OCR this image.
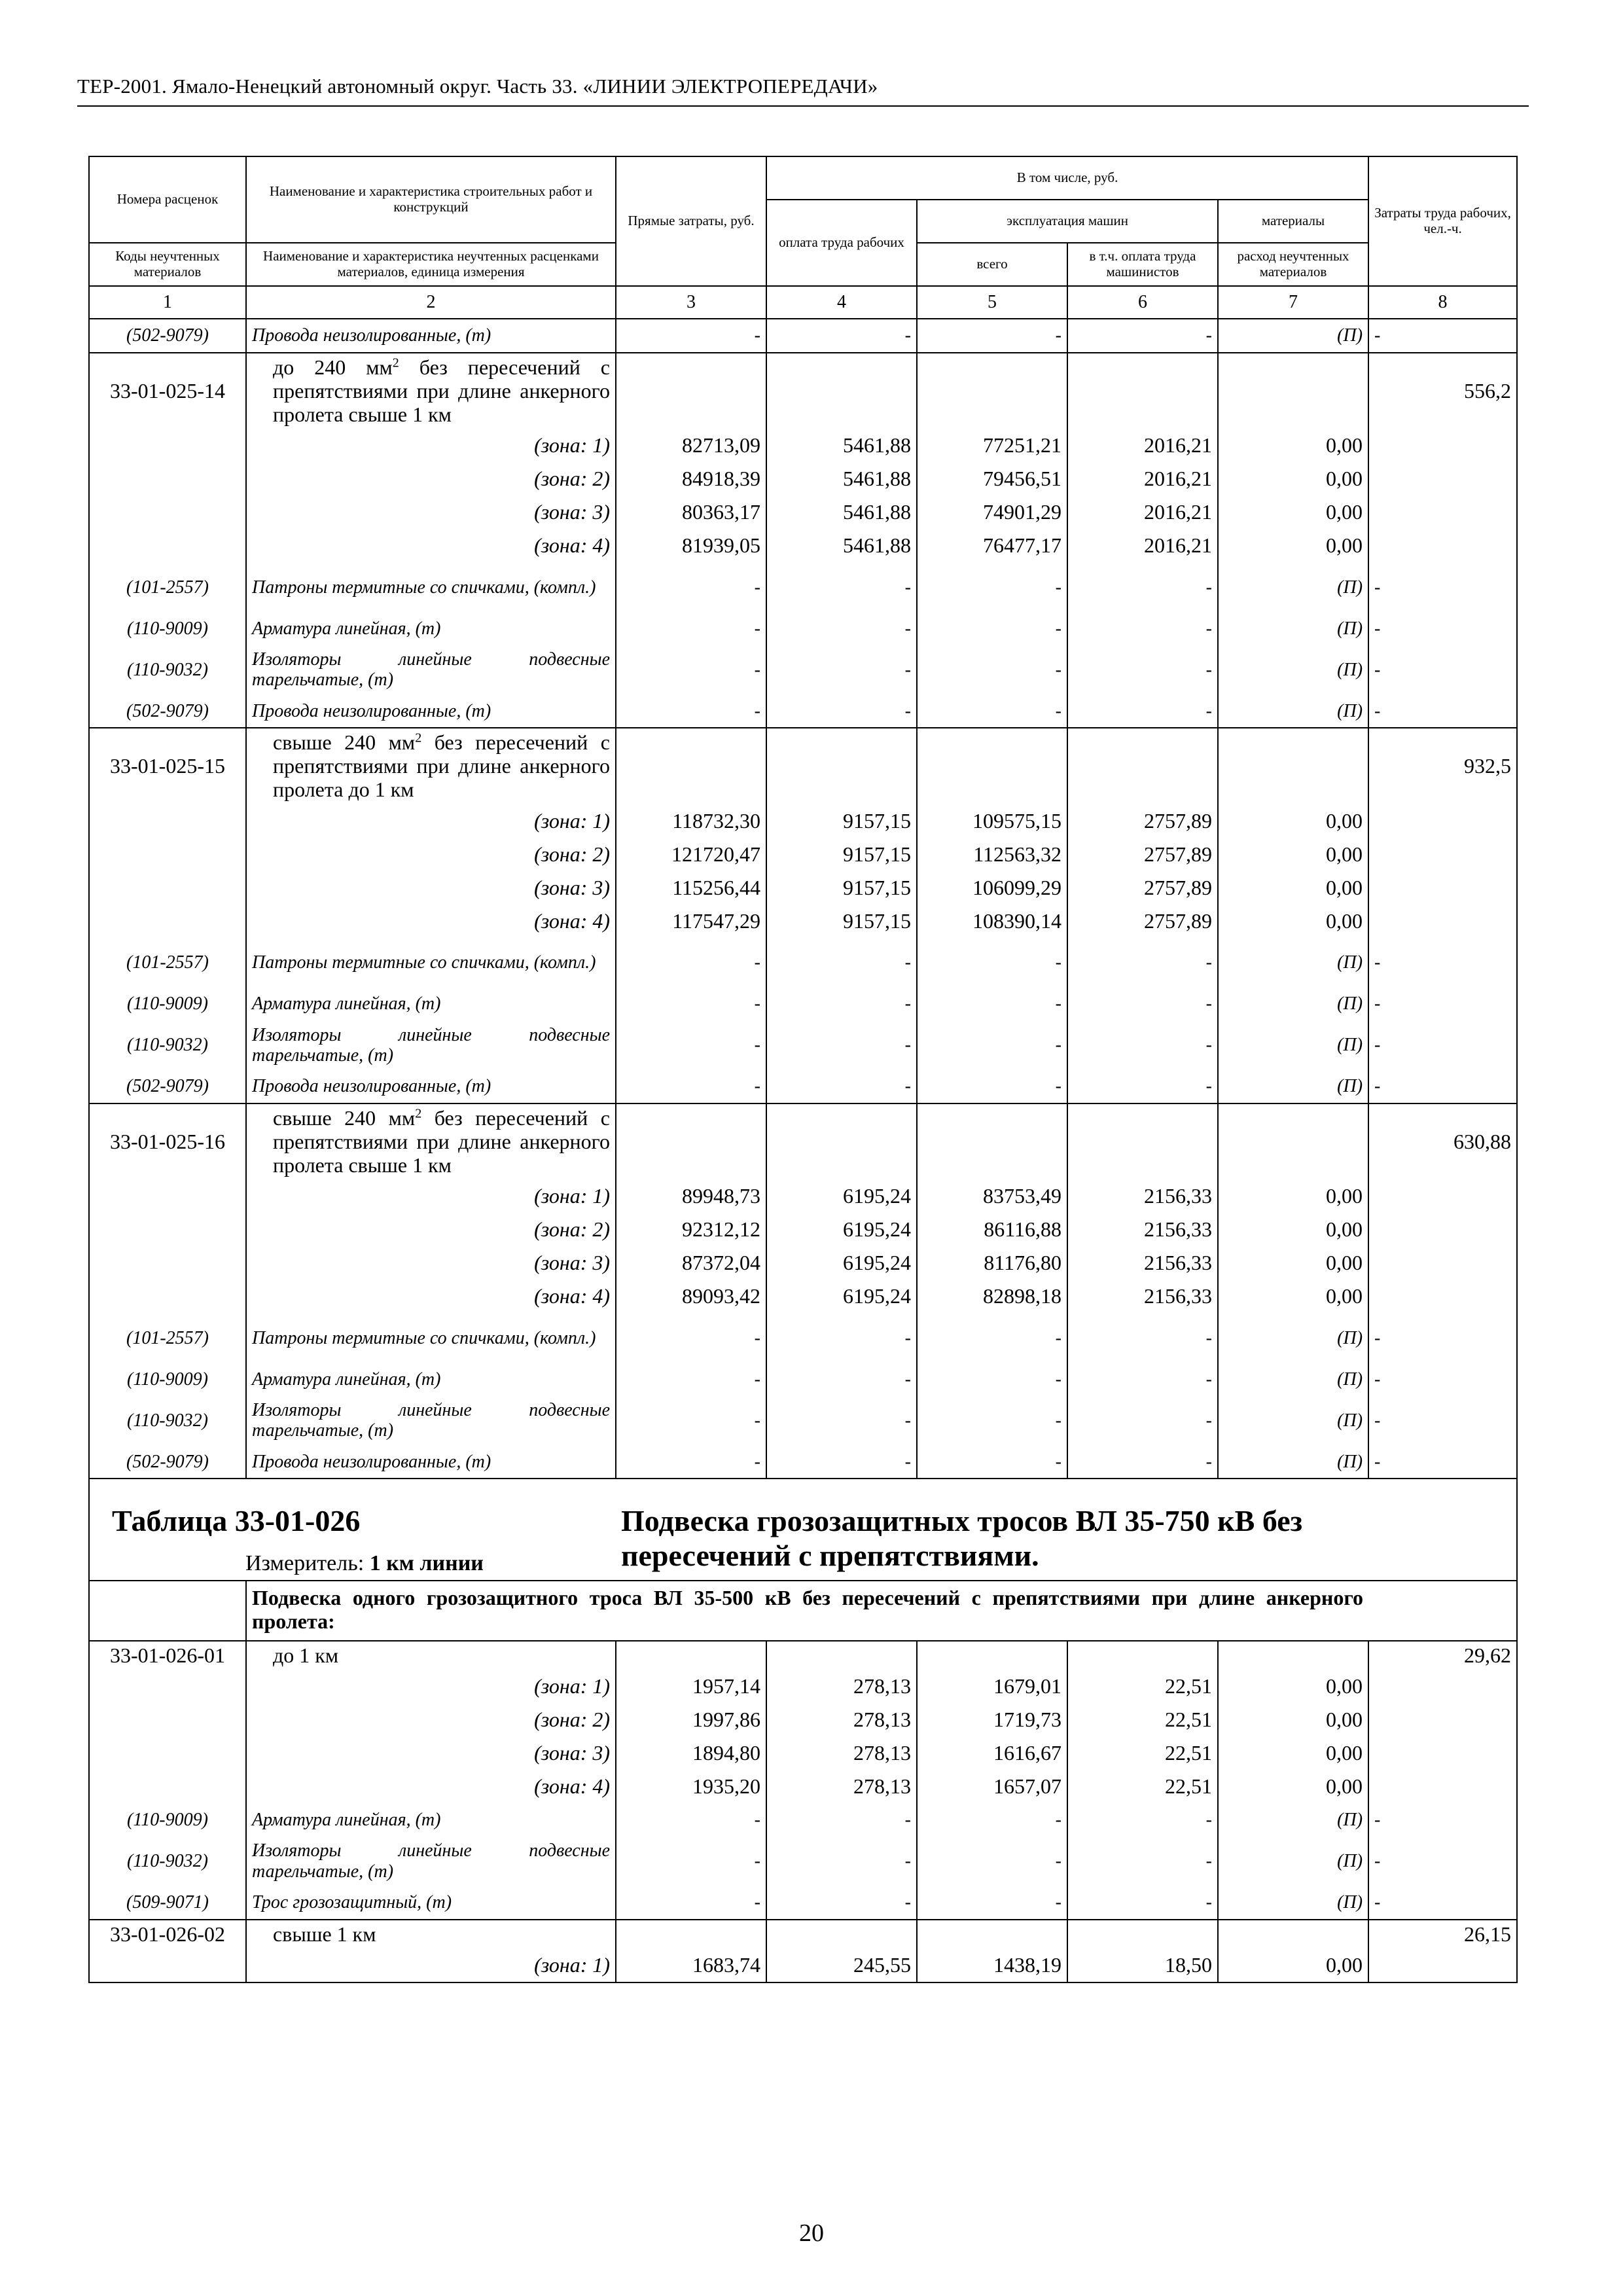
ТЕР-2001. Ямало-Ненецкий автономный округ. Часть 33. «ЛИНИИ ЭЛЕКТРОПЕРЕДАЧИ»
Номера расценок	Наименование и характеристика строительных работ и конструкций	Прямые затраты, руб.	В том числе, руб.				Затраты труда рабочих, чел.-ч.
			оплата труда рабочих	эксплуатация машин		материалы	
Коды неучтенных материалов	Наименование и характеристика неучтенных расценками материалов, единица измерения			всего	в т.ч. оплата труда машинистов	расход неучтенных материалов	
1	2	3	4	5	6	7	8
(502-9079)	Провода неизолированные, (т)	-	-	-	-	(П)	-
33-01-025-14	до 240 $мм^2$ без пересечений с препятствиями при длине анкерного пролета свыше 1 км						556,2
	(зона: 1)	82713,09	5461,88	77251,21	2016,21	0,00	
	(зона: 2)	84918,39	5461,88	79456,51	2016,21	0,00	
	(зона: 3)	80363,17	5461,88	74901,29	2016,21	0,00	
	(зона: 4)	81939,05	5461,88	76477,17	2016,21	0,00	
(101-2557)	Патроны термитные со спичками, (компл.)	-	-	-	-	(П)	-
(110-9009)	Арматура линейная, (т)	-	-	-	-	(П)	-
(110-9032)	Изоляторы линейные подвесные тарельчатые, (т)	-	-	-	-	(П)	-
(502-9079)	Провода неизолированные, (т)	-	-	-	-	(П)	-
33-01-025-15	свыше 240 $мм^2$ без пересечений с препятствиями при длине анкерного пролета до 1 км						932,5
	(зона: 1)	118732,30	9157,15	109575,15	2757,89	0,00	
	(зона: 2)	121720,47	9157,15	112563,32	2757,89	0,00	
	(зона: 3)	115256,44	9157,15	106099,29	2757,89	0,00	
	(зона: 4)	117547,29	9157,15	108390,14	2757,89	0,00	
(101-2557)	Патроны термитные со спичками, (компл.)	-	-	-	-	(П)	-
(110-9009)	Арматура линейная, (т)	-	-	-	-	(П)	-
(110-9032)	Изоляторы линейные подвесные тарельчатые, (т)	-	-	-	-	(П)	-
(502-9079)	Провода неизолированные, (т)	-	-	-	-	(П)	-
33-01-025-16	свыше 240 $мм^2$ без пересечений с препятствиями при длине анкерного пролета свыше 1 км						630,88
	(зона: 1)	89948,73	6195,24	83753,49	2156,33	0,00	
	(зона: 2)	92312,12	6195,24	86116,88	2156,33	0,00	
	(зона: 3)	87372,04	6195,24	81176,80	2156,33	0,00	
	(зона: 4)	89093,42	6195,24	82898,18	2156,33	0,00	
(101-2557)	Патроны термитные со спичками, (компл.)	-	-	-	-	(П)	-
(110-9009)	Арматура линейная, (т)	-	-	-	-	(П)	-
(110-9032)	Изоляторы линейные подвесные тарельчатые, (т)	-	-	-	-	(П)	-
(502-9079)	Провода неизолированные, (т)	-	-	-	-	(П)	-

Таблица 33-01-026
Измеритель: 1 км линии		Подвеска грозозащитных тросов ВЛ 35-750 кВ без пересечений с препятствиями.					

	Подвеска одного грозозащитного троса ВЛ 35-500 кВ без пересечений с препятствиями при длине анкерного пролета:						
33-01-026-01	до 1 км						29,62
	(зона: 1)	1957,14	278,13	1679,01	22,51	0,00	
	(зона: 2)	1997,86	278,13	1719,73	22,51	0,00	
	(зона: 3)	1894,80	278,13	1616,67	22,51	0,00	
	(зона: 4)	1935,20	278,13	1657,07	22,51	0,00	
(110-9009)	Арматура линейная, (т)	-	-	-	-	(П)	-
(110-9032)	Изоляторы линейные подвесные тарельчатые, (т)	-	-	-	-	(П)	-
(509-9071)	Трос грозозащитный, (т)	-	-	-	-	(П)	-
33-01-026-02	свыше 1 км						26,15
	(зона: 1)	1683,74	245,55	1438,19	18,50	0,00	
20
